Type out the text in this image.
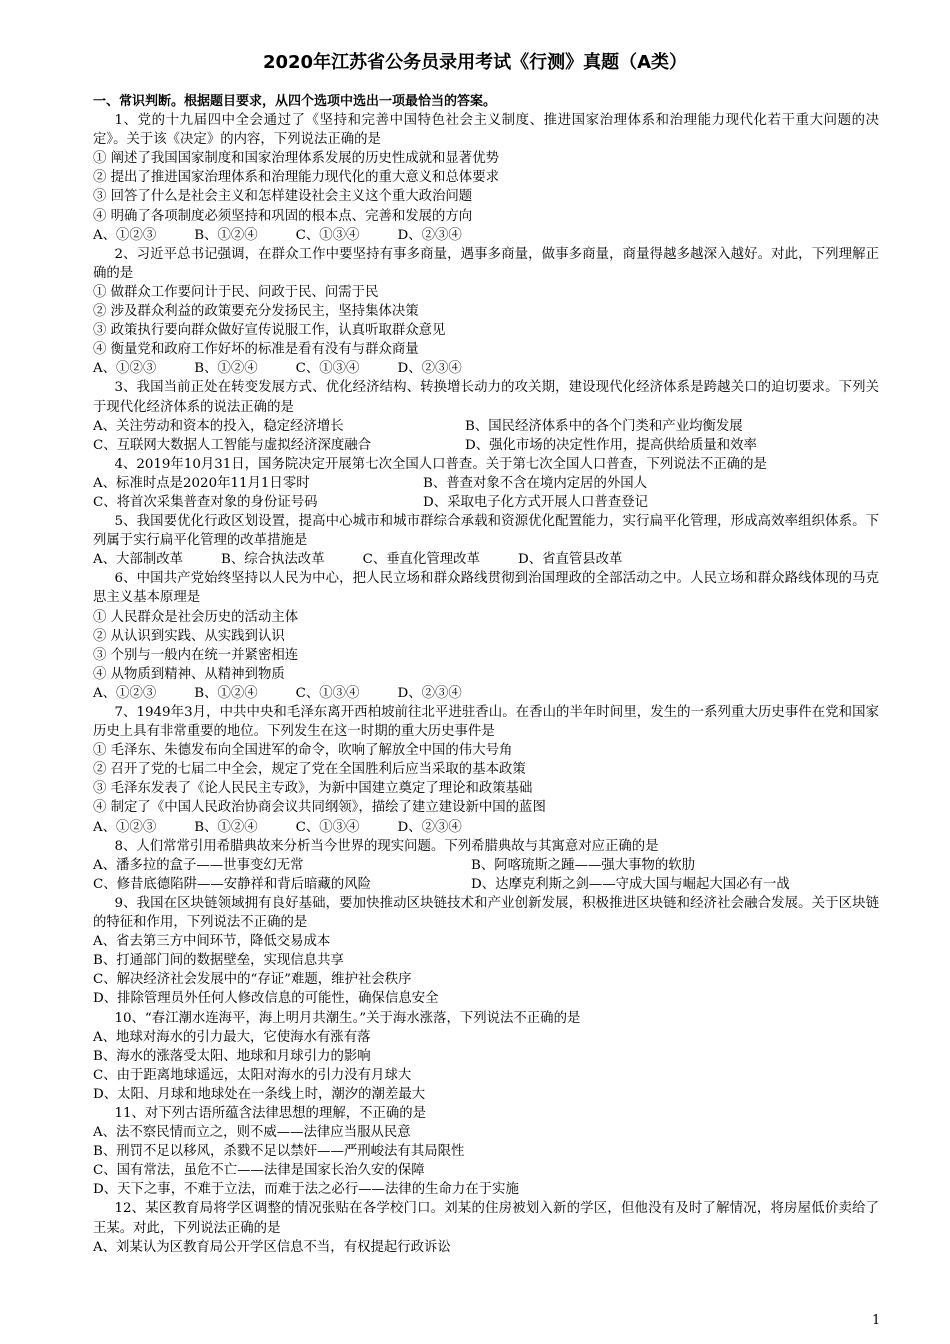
2020年江苏省公务员录用考试《行测》真题（A类）
一、常识判断。根据题目要求，从四个选项中选出一项最恰当的答案。
1、党的十九届四中全会通过了《坚持和完善中国特色社会主义制度、推进国家治理体系和治理能力现代化若干重大问题的决定》。关于该《决定》的内容，下列说法正确的是
① 阐述了我国国家制度和国家治理体系发展的历史性成就和显著优势
② 提出了推进国家治理体系和治理能力现代化的重大意义和总体要求
③ 回答了什么是社会主义和怎样建设社会主义这个重大政治问题
④ 明确了各项制度必须坚持和巩固的根本点、完善和发展的方向
A、①②③	B、①②④	C、①③④	D、②③④
2、习近平总书记强调，在群众工作中要坚持有事多商量，遇事多商量，做事多商量，商量得越多越深入越好。对此，下列理解正确的是
① 做群众工作要问计于民、问政于民、问需于民
② 涉及群众利益的政策要充分发扬民主，坚持集体决策
③ 政策执行要向群众做好宣传说服工作，认真听取群众意见
④ 衡量党和政府工作好坏的标准是看有没有与群众商量
A、①②③	B、①②④	C、①③④	D、②③④
3、我国当前正处在转变发展方式、优化经济结构、转换增长动力的攻关期，建设现代化经济体系是跨越关口的迫切要求。下列关于现代化经济体系的说法正确的是
A、关注劳动和资本的投入，稳定经济增长	B、国民经济体系中的各个门类和产业均衡发展
C、互联网大数据人工智能与虚拟经济深度融合	D、强化市场的决定性作用，提高供给质量和效率
4、2019年10月31日，国务院决定开展第七次全国人口普查。关于第七次全国人口普查，下列说法不正确的是
A、标准时点是2020年11月1日零时	B、普查对象不含在境内定居的外国人
C、将首次采集普查对象的身份证号码	D、采取电子化方式开展人口普查登记
5、我国要优化行政区划设置，提高中心城市和城市群综合承载和资源优化配置能力，实行扁平化管理，形成高效率组织体系。下列属于实行扁平化管理的改革措施是
A、大部制改革	B、综合执法改革	C、垂直化管理改革	D、省直管县改革
6、中国共产党始终坚持以人民为中心，把人民立场和群众路线贯彻到治国理政的全部活动之中。人民立场和群众路线体现的马克思主义基本原理是
① 人民群众是社会历史的活动主体
② 从认识到实践、从实践到认识
③ 个别与一般内在统一并紧密相连
④ 从物质到精神、从精神到物质
A、①②③	B、①②④	C、①③④	D、②③④
7、1949年3月，中共中央和毛泽东离开西柏坡前往北平进驻香山。在香山的半年时间里，发生的一系列重大历史事件在党和国家历史上具有非常重要的地位。下列发生在这一时期的重大历史事件是
① 毛泽东、朱德发布向全国进军的命令，吹响了解放全中国的伟大号角
② 召开了党的七届二中全会，规定了党在全国胜利后应当采取的基本政策
③ 毛泽东发表了《论人民民主专政》，为新中国建立奠定了理论和政策基础
④ 制定了《中国人民政治协商会议共同纲领》，描绘了建立建设新中国的蓝图
A、①②③	B、①②④	C、①③④	D、②③④
8、人们常常引用希腊典故来分析当今世界的现实问题。下列希腊典故与其寓意对应正确的是
A、潘多拉的盒子——世事变幻无常	B、阿喀琉斯之踵——强大事物的软肋
C、修昔底德陷阱——安静祥和背后暗藏的风险	D、达摩克利斯之剑——守成大国与崛起大国必有一战
9、我国在区块链领域拥有良好基础，要加快推动区块链技术和产业创新发展，积极推进区块链和经济社会融合发展。关于区块链的特征和作用，下列说法不正确的是
A、省去第三方中间环节，降低交易成本
B、打通部门间的数据壁垒，实现信息共享
C、解决经济社会发展中的“存证”难题，维护社会秩序
D、排除管理员外任何人修改信息的可能性，确保信息安全
10、“春江潮水连海平，海上明月共潮生。”关于海水涨落，下列说法不正确的是
A、地球对海水的引力最大，它使海水有涨有落
B、海水的涨落受太阳、地球和月球引力的影响
C、由于距离地球遥远，太阳对海水的引力没有月球大
D、太阳、月球和地球处在一条线上时，潮汐的潮差最大
11、对下列古语所蕴含法律思想的理解，不正确的是
A、法不察民情而立之，则不威——法律应当服从民意
B、刑罚不足以移风，杀戮不足以禁奸——严刑峻法有其局限性
C、国有常法，虽危不亡——法律是国家长治久安的保障
D、天下之事，不难于立法，而难于法之必行——法律的生命力在于实施
12、某区教育局将学区调整的情况张贴在各学校门口。刘某的住房被划入新的学区，但他没有及时了解情况，将房屋低价卖给了王某。对此，下列说法正确的是
A、刘某认为区教育局公开学区信息不当，有权提起行政诉讼
1
